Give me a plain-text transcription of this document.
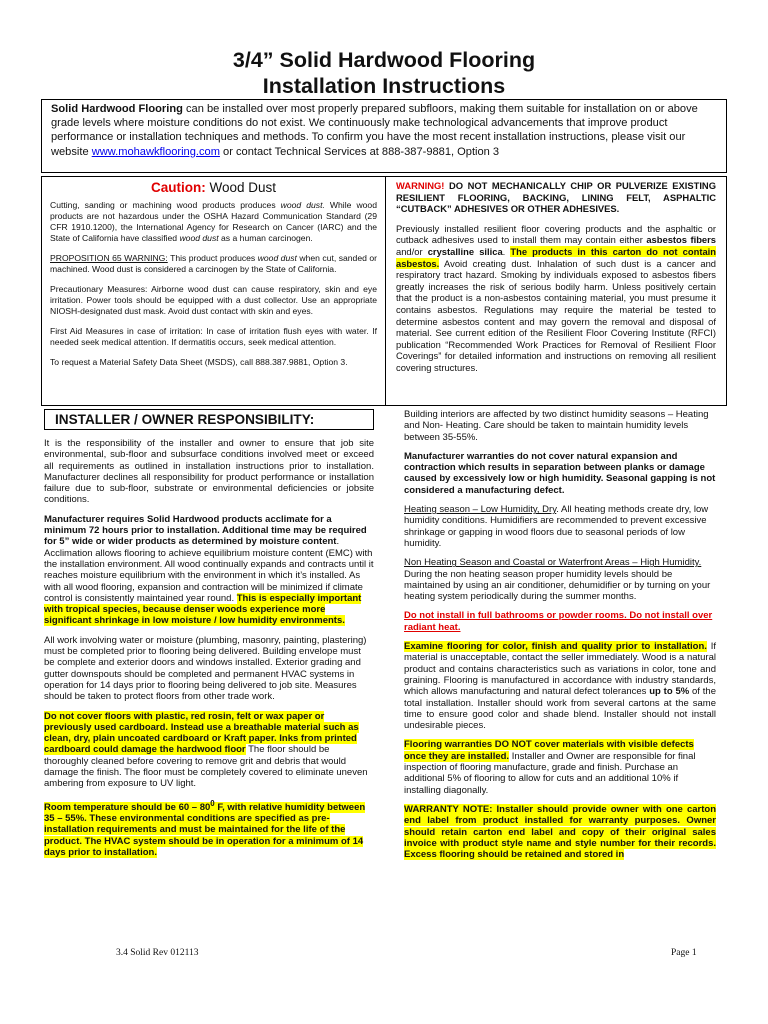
3/4” Solid Hardwood Flooring
Installation Instructions
Solid Hardwood Flooring can be installed over most properly prepared subfloors, making them suitable for installation on or above grade levels where moisture conditions do not exist. We continuously make technological advancements that improve product performance or installation techniques and methods. To confirm you have the most recent installation instructions, please visit our website www.mohawkflooring.com or contact Technical Services at 888-387-9881, Option 3
Caution: Wood Dust

Cutting, sanding or machining wood products produces wood dust. While wood products are not hazardous under the OSHA Hazard Communication Standard (29 CFR 1910.1200), the International Agency for Research on Cancer (IARC) and the State of California have classified wood dust as a human carcinogen.

PROPOSITION 65 WARNING: This product produces wood dust when cut, sanded or machined. Wood dust is considered a carcinogen by the State of California.

Precautionary Measures: Airborne wood dust can cause respiratory, skin and eye irritation. Power tools should be equipped with a dust collector. Use an appropriate NIOSH-designated dust mask. Avoid dust contact with skin and eyes.

First Aid Measures in case of irritation: In case of irritation flush eyes with water. If needed seek medical attention. If dermatitis occurs, seek medical attention.

To request a Material Safety Data Sheet (MSDS), call 888.387.9881, Option 3.

WARNING! DO NOT MECHANICALLY CHIP OR PULVERIZE EXISTING RESILIENT FLOORING, BACKING, LINING FELT, ASPHALTIC “CUTBACK” ADHESIVES OR OTHER ADHESIVES.

Previously installed resilient floor covering products and the asphaltic or cutback adhesives used to install them may contain either asbestos fibers and/or crystalline silica. The products in this carton do not contain asbestos. Avoid creating dust. Inhalation of such dust is a cancer and respiratory tract hazard. Smoking by individuals exposed to asbestos fibers greatly increases the risk of serious bodily harm. Unless positively certain that the product is a non-asbestos containing material, you must presume it contains asbestos. Regulations may require the material be tested to determine asbestos content and may govern the removal and disposal of material. See current edition of the Resilient Floor Covering Institute (RFCI) publication “Recommended Work Practices for Removal of Resilient Floor Coverings” for detailed information and instructions on removing all resilient covering structures.

INSTALLER / OWNER RESPONSIBILITY:

It is the responsibility of the installer and owner to ensure that job site environmental, sub-floor and subsurface conditions involved meet or exceed all requirements as outlined in installation instructions prior to installation. Manufacturer declines all responsibility for product performance or installation failure due to sub-floor, substrate or environmental deficiencies or jobsite conditions.

Manufacturer requires Solid Hardwood products acclimate for a minimum 72 hours prior to installation. Additional time may be required for 5” wide or wider products as determined by moisture content. Acclimation allows flooring to achieve equilibrium moisture content (EMC) with the installation environment. All wood continually expands and contracts until it reaches moisture equilibrium with the environment in which it’s installed. As with all wood flooring, expansion and contraction will be minimized if climate control is consistently maintained year round. This is especially important with tropical species, because denser woods experience more significant shrinkage in low moisture / low humidity environments.

All work involving water or moisture (plumbing, masonry, painting, plastering) must be completed prior to flooring being delivered. Building envelope must be complete and exterior doors and windows installed. Exterior grading and gutter downspouts should be completed and permanent HVAC systems in operation for 14 days prior to flooring being delivered to job site. Measures should be taken to protect floors from other trade work.

Do not cover floors with plastic, red rosin, felt or wax paper or previously used cardboard. Instead use a breathable material such as clean, dry, plain uncoated cardboard or Kraft paper. Inks from printed cardboard could damage the hardwood floor The floor should be thoroughly cleaned before covering to remove grit and debris that would damage the finish. The floor must be completely covered to eliminate uneven ambering from exposure to UV light.

Room temperature should be $60 - 80^0$ F, with relative humidity between 35 – 55%. These environmental conditions are specified as pre-installation requirements and must be maintained for the life of the product. The HVAC system should be in operation for a minimum of 14 days prior to installation.

Building interiors are affected by two distinct humidity seasons – Heating and Non- Heating. Care should be taken to maintain humidity levels between 35-55%.

Manufacturer warranties do not cover natural expansion and contraction which results in separation between planks or damage caused by excessively low or high humidity. Seasonal gapping is not considered a manufacturing defect.

Heating season – Low Humidity, Dry. All heating methods create dry, low humidity conditions. Humidifiers are recommended to prevent excessive shrinkage or gapping in wood floors due to seasonal periods of low humidity.

Non Heating Season and Coastal or Waterfront Areas – High Humidity. During the non heating season proper humidity levels should be maintained by using an air conditioner, dehumidifier or by turning on your heating system periodically during the summer months.

Do not install in full bathrooms or powder rooms. Do not install over radiant heat.

Examine flooring for color, finish and quality prior to installation. If material is unacceptable, contact the seller immediately. Wood is a natural product and contains characteristics such as variations in color, tone and graining. Flooring is manufactured in accordance with industry standards, which allows manufacturing and natural defect tolerances up to 5% of the total installation. Installer should work from several cartons at the same time to ensure good color and shade blend. Installer should not install undesirable pieces.

Flooring warranties DO NOT cover materials with visible defects once they are installed. Installer and Owner are responsible for final inspection of flooring manufacture, grade and finish. Purchase an additional 5% of flooring to allow for cuts and an additional 10% if installing diagonally.

WARRANTY NOTE: Installer should provide owner with one carton end label from product installed for warranty purposes. Owner should retain carton end label and copy of their original sales invoice with product style name and style number for their records. Excess flooring should be retained and stored in

3.4 Solid Rev 012113	Page 1
